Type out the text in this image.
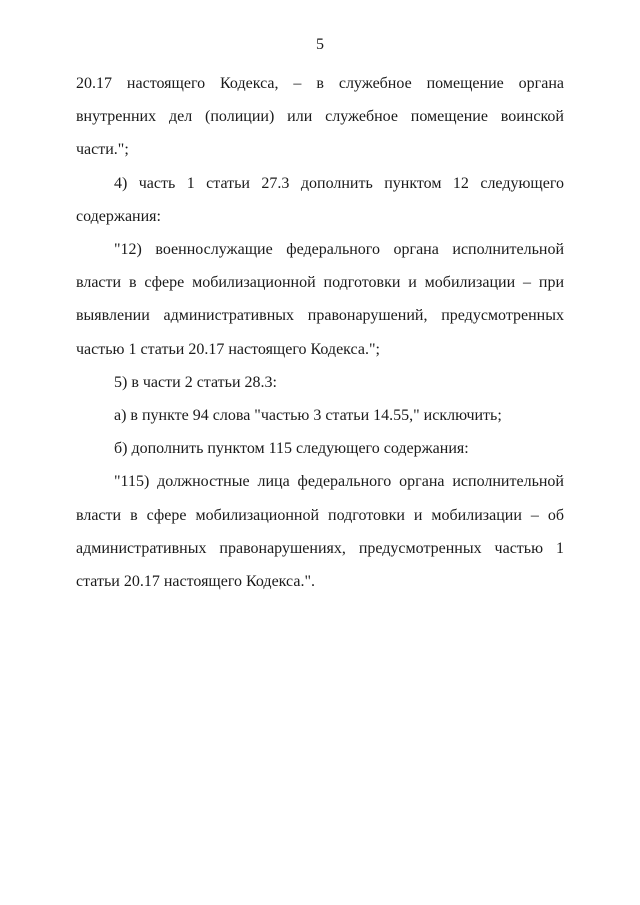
5

20.17 настоящего Кодекса, – в служебное помещение органа внутренних дел (полиции) или служебное помещение воинской части.";

4) часть 1 статьи 27.3 дополнить пунктом 12 следующего содержания:

"12) военнослужащие федерального органа исполнительной власти в сфере мобилизационной подготовки и мобилизации – при выявлении административных правонарушений, предусмотренных частью 1 статьи 20.17 настоящего Кодекса.";

5) в части 2 статьи 28.3:

а) в пункте 94 слова "частью 3 статьи 14.55," исключить;

б) дополнить пунктом 115 следующего содержания:

"115) должностные лица федерального органа исполнительной власти в сфере мобилизационной подготовки и мобилизации – об административных правонарушениях, предусмотренных частью 1 статьи 20.17 настоящего Кодекса.".
